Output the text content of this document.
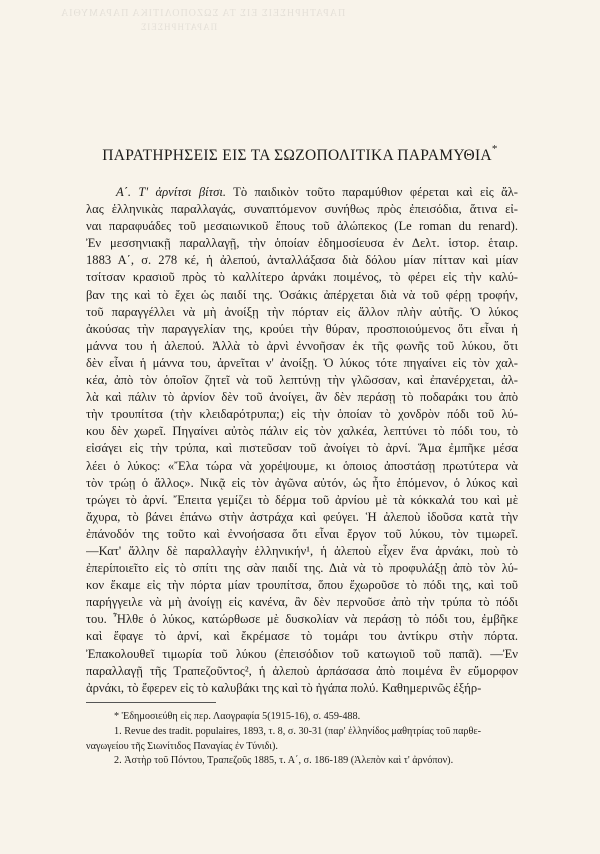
ΠΑΡΑΤΗΡΗΣΕΙΣ ΕΙΣ ΤΑ ΣΩΖΟΠΟΛΙΤΙΚΑ ΠΑΡΑΜΥΘΙΑ
ΠΑΡΑΤΗΡΗΣΕΙΣ
ΠΑΡΑΤΗΡΗΣΕΙΣ ΕΙΣ ΤΑ ΣΩΖΟΠΟΛΙΤΙΚΑ ΠΑΡΑΜΥΘΙΑ*
Α΄. Τ' ἀρνίτσι βίτσι. Τὸ παιδικὸν τοῦτο παραμύθιον φέρεται καὶ εἰς ἄλ-
λας ἑλληνικὰς παραλλαγάς, συναπτόμενον συνήθως πρὸς ἐπεισόδια, ἅτινα εἰ-
ναι παραφυάδες τοῦ μεσαιωνικοῦ ἔπους τοῦ ἀλώπεκος (Le roman du renard).
Ἐν μεσσηνιακῇ παραλλαγῇ, τὴν ὁποίαν ἐδημοσίευσα ἐν Δελτ. ἱστορ. ἑταιρ.
1883 Α΄, σ. 278 κέ, ἡ ἀλεπού, ἀνταλλάξασα διὰ δόλου μίαν πίτταν καὶ μίαν
τσίτσαν κρασιοῦ πρὸς τὸ καλλίτερο ἀρνάκι ποιμένος, τὸ φέρει εἰς τὴν καλύ-
βαν της καὶ τὸ ἔχει ὡς παιδί της. Ὁσάκις ἀπέρχεται διὰ νὰ τοῦ φέρῃ τροφήν,
τοῦ παραγγέλλει νὰ μὴ ἀνοίξῃ τὴν πόρταν εἰς ἄλλον πλὴν αὐτῆς. Ὁ λύκος
ἀκούσας τὴν παραγγελίαν της, κρούει τὴν θύραν, προσποιούμενος ὅτι εἶναι ἡ
μάννα του ἡ ἀλεπού. Ἀλλὰ τὸ ἀρνὶ ἐννοῆσαν ἐκ τῆς φωνῆς τοῦ λύκου, ὅτι
δὲν εἶναι ἡ μάννα του, ἀρνεῖται ν' ἀνοίξῃ. Ὁ λύκος τότε πηγαίνει εἰς τὸν χαλ-
κέα, ἀπὸ τὸν ὁποῖον ζητεῖ νὰ τοῦ λεπτύνῃ τὴν γλῶσσαν, καὶ ἐπανέρχεται, ἀλ-
λὰ καὶ πάλιν τὸ ἀρνίον δὲν τοῦ ἀνοίγει, ἂν δὲν περάσῃ τὸ ποδαράκι του ἀπὸ
τὴν τρουπίτσα (τὴν κλειδαρότρυπα;) εἰς τὴν ὁποίαν τὸ χονδρὸν πόδι τοῦ λύ-
κου δὲν χωρεῖ. Πηγαίνει αὐτὸς πάλιν εἰς τὸν χαλκέα, λεπτύνει τὸ πόδι του, τὸ
εἰσάγει εἰς τὴν τρύπα, καὶ πιστεῦσαν τοῦ ἀνοίγει τὸ ἀρνί. Ἅμα ἐμπῆκε μέσα
λέει ὁ λύκος: «Ἔλα τώρα νὰ χορέψουμε, κι ὁποιος ἀποστάσῃ πρωτύτερα νὰ
τὸν τρώῃ ὁ ἄλλος». Νικᾷ εἰς τὸν ἀγῶνα αὐτόν, ὡς ἦτο ἑπόμενον, ὁ λύκος καὶ
τρώγει τὸ ἀρνί. Ἔπειτα γεμίζει τὸ δέρμα τοῦ ἀρνίου μὲ τὰ κόκκαλά του καὶ μὲ
ἄχυρα, τὸ βάνει ἐπάνω στὴν ἀστράχα καὶ φεύγει. Ἡ ἀλεποὺ ἰδοῦσα κατὰ τὴν
ἐπάνοδόν της τοῦτο καὶ ἐννοήσασα ὅτι εἶναι ἔργον τοῦ λύκου, τὸν τιμωρεῖ.
—Κατ' ἄλλην δὲ παραλλαγὴν ἑλληνικήν¹, ἡ ἀλεποὺ εἶχεν ἕνα ἀρνάκι, ποὺ τὸ
ἐπερίποιεῖτο εἰς τὸ σπίτι της σὰν παιδί της. Διὰ νὰ τὸ προφυλάξῃ ἀπὸ τὸν λύ-
κον ἔκαμε εἰς τὴν πόρτα μίαν τρουπίτσα, ὅπου ἔχωροῦσε τὸ πόδι της, καὶ τοῦ
παρήγγειλε νὰ μὴ ἀνοίγῃ εἰς κανένα, ἂν δὲν περνοῦσε ἀπὸ τὴν τρύπα τὸ πόδι
του. Ἦλθε ὁ λύκος, κατώρθωσε μὲ δυσκολίαν νὰ περάσῃ τὸ πόδι του, ἐμβῆκε
καὶ ἔφαγε τὸ ἀρνί, καὶ ἔκρέμασε τὸ τομάρι του ἀντίκρυ στὴν πόρτα.
Ἐπακολουθεῖ τιμωρία τοῦ λύκου (ἐπεισόδιον τοῦ κατωγιοῦ τοῦ παπᾶ). —Ἐν
παραλλαγῇ τῆς Τραπεζοῦντος², ἡ ἀλεποὺ ἁρπάσασα ἀπὸ ποιμένα ἓν εὔμορφον
ἀρνάκι, τὸ ἔφερεν εἰς τὸ καλυβάκι της καὶ τὸ ἠγάπα πολύ. Καθημερινῶς ἐξήρ-
* Ἐδημοσιεύθη εἰς περ. Λαογραφία 5(1915-16), σ. 459-488.
1. Revue des tradit. populaires, 1893, τ. 8, σ. 30-31 (παρ' ἑλληνίδος μαθητρίας τοῦ παρθε-
ναγωγείου τῆς Σιωνίτιδος Παναγίας ἐν Τύνιδι).
2. Ἀστὴρ τοῦ Πόντου, Τραπεζοῦς 1885, τ. Α΄, σ. 186-189 (Ἀλεπὸν καὶ τ' ἀρνόπον).
